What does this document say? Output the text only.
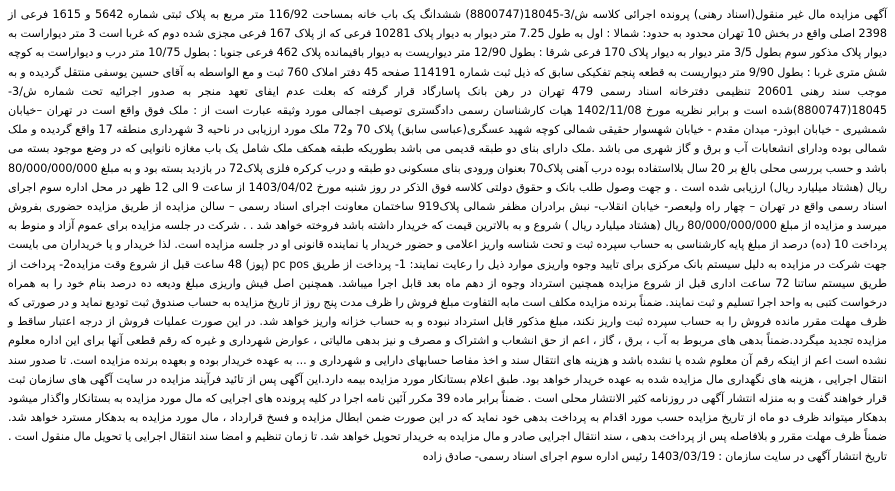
آگهی مزایده مال غیر منقول(اسناد رهنی) پرونده اجرائی کلاسه ش/3-18045(8800747) ششدانگ یک باب خانه بمساحت 116/92 متر مربع به پلاک ثبتی شماره 5642 و 1615 فرعی از 2398 اصلی واقع در بخش 10 تهران محدود به حدود: شمالا : اول به طول 7.25 متر دیوار به دیوار پلاک 10281 فرعی که از پلاک 167 فرعی مجزی شده دوم که غربا است 3 متر دیواراست به دیوار پلاک مذکور سوم بطول 3/5 متر دیوار به دیوار پلاک 170 فرعی شرقا : بطول 12/90 متر دیواریست به دیوار باقیمانده پلاک 462 فرعی جنوبا : بطول 10/75 متر درب و دیواراست به کوچه شش متری غربا : بطول 9/90 متر دیواریست به قطعه پنجم تفکیکی سابق که ذیل ثبت شماره 114191 صفحه 45 دفتر املاک 760 ثبت و مع الواسطه به آقای حسین یوسفی منتقل گردیده و به موجب سند رهنی 20601 تنظیمی دفترخانه اسناد رسمی 479 تهران در رهن بانک پاسارگاد قرار گرفته که بعلت عدم ایفای تعهد منجر به صدور اجرائیه تحت شماره ش/3-18045(8800747)شده است و برابر نظریه مورخ 1402/11/08 هیات کارشناسان رسمی دادگستری توصیف اجمالی مورد وثیقه عبارت است از : ملک فوق واقع است در تهران –خیابان شمشیری - خیابان ابوذر- میدان مقدم - خیابان شهسوار حقیقی شمالی کوچه شهید عسگری(عباسی سابق) پلاک 70 و72 ملک مورد ارزیابی در ناحیه 3 شهرداری منطقه 17 واقع گردیده و ملک شمالی بوده ودارای انشعابات آب و برق و گاز شهری می باشد .ملک دارای بنای دو طبقه قدیمی می باشد بطوریکه طبقه همکف ملک شامل یک باب مغازه نانوایی که در وضع موجود بسته می باشد و حسب بررسی محلی بالغ بر 20 سال بلااستفاده بوده درب آهنی پلاک70 بعنوان ورودی بنای مسکونی دو طبقه و درب کرکره فلزی پلاک72 در بازدید بسته بود و به مبلغ 80/000/000/000 ریال (هشتاد میلیارد ریال) ارزیابی شده است . و جهت وصول طلب بانک و حقوق دولتی کلاسه فوق الذکر در روز شنبه مورخ 1403/04/02 از ساعت 9 الی 12 ظهر در محل اداره سوم اجرای اسناد رسمی واقع در تهران – چهار راه ولیعصر- خیابان انقلاب- نبش برادران مظفر شمالی پلاک919 ساختمان معاونت اجرای اسناد رسمی – سالن مزایده از طریق مزایده حضوری بفروش میرسد و مزایده از مبلغ 80/000/000/000 ریال (هشتاد میلیارد ریال ) شروع و به بالاترین قیمت که خریدار داشته باشد فروخته خواهد شد . . شرکت در جلسه مزایده برای عموم آزاد و منوط به پرداخت 10 (ده) درصد از مبلغ پایه کارشناسی به حساب سپرده ثبت و تحت شناسه واریز اعلامی و حضور خریدار یا نماینده قانونی او در جلسه مزایده است. لذا خریدار و یا خریداران می بایست جهت شرکت در مزایده به دلیل سیستم بانک مرکزی برای تایید وجوه واریزی موارد ذیل را رعایت نمایند: 1- پرداخت از طریق pc pos (پوز) 48 ساعت قبل از شروع وقت مزایده2- پرداخت از طریق سیستم ساتنا 72 ساعت اداری قبل از شروع مزایده همچنین استرداد وجوه از دهم ماه بعد قابل اجرا میباشد. همچنین اصل فیش واریزی مبلغ ودیعه ده درصد بنام خود را به همراه درخواست کتبی به واحد اجرا تسلیم و ثبت نمایند. ضمناً برنده مزایده مکلف است مابه التفاوت مبلغ فروش را ظرف مدت پنج روز از تاریخ مزایده به حساب صندوق ثبت تودیع نماید و در صورتی که ظرف مهلت مقرر مانده فروش را به حساب سپرده ثبت واریز نکند، مبلغ مذکور قابل استرداد نبوده و به حساب خزانه واریز خواهد شد. در این صورت عملیات فروش از درجه اعتبار ساقط و مزایده تجدید میگردد.ضمناً بدهی های مربوط به آب ، برق ، گاز ، اعم از حق انشعاب و اشتراک و مصرف و نیز بدهی مالیاتی ، عوارض شهرداری و غیره که رقم قطعی آنها برای این اداره معلوم نشده است اعم از اینکه رقم آن معلوم شده یا نشده باشد و هزینه های انتقال سند و اخذ مفاصا حسابهای دارایی و شهرداری و ... به عهده خریدار بوده و بعهده برنده مزایده است. تا صدور سند انتقال اجرایی ، هزینه های نگهداری مال مزایده شده به عهده خریدار خواهد بود. طبق اعلام بستانکار مورد مزایده بیمه دارد.این آگهی پس از تائید فرآیند مزایده در سایت آگهی های سازمان ثبت قرار خواهند گفت و به منزله انتشار آگهی در روزنامه کثیر الانتشار محلی است . ضمناً برابر ماده 39 مکرر آئین نامه اجرا در کلیه پرونده های اجرایی که مال مورد مزایده به بستانکار واگذار میشود بدهکار میتواند ظرف دو ماه از تاریخ مزایده حسب مورد اقدام به پرداخت بدهی خود نماید که در این صورت ضمن ابطال مزایده و فسخ قرارداد ، مال مورد مزایده به بدهکار مسترد خواهد شد. ضمناً ظرف مهلت مقرر و بلافاصله پس از پرداخت بدهی ، سند انتقال اجرایی صادر و مال مزایده به خریدار تحویل خواهد شد. تا زمان تنظیم و امضا سند انتقال اجرایی یا تحویل مال منقول است . تاریخ انتشار آگهی در سایت سازمان : 1403/03/19 رئیس اداره سوم اجرای اسناد رسمی- صادق زاده
